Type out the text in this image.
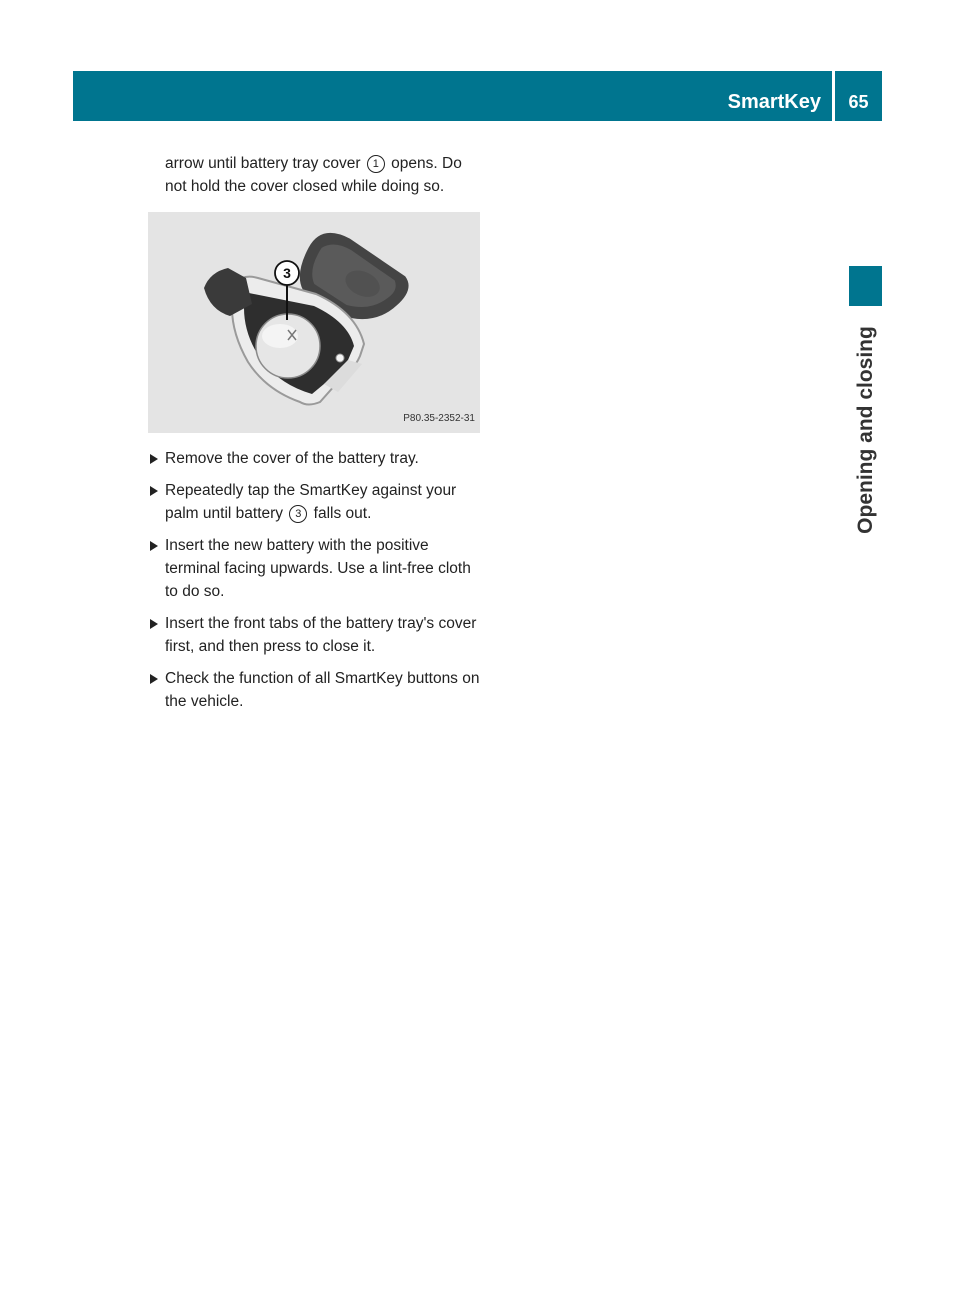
SmartKey	65
Opening and closing

arrow until battery tray cover 1 opens. Do not hold the cover closed while doing so.

3
P80.35-2352-31
Remove the cover of the battery tray.
Repeatedly tap the SmartKey against your palm until battery 3 falls out.
Insert the new battery with the positive terminal facing upwards. Use a lint-free cloth to do so.
Insert the front tabs of the battery tray's cover first, and then press to close it.
Check the function of all SmartKey buttons on the vehicle.
